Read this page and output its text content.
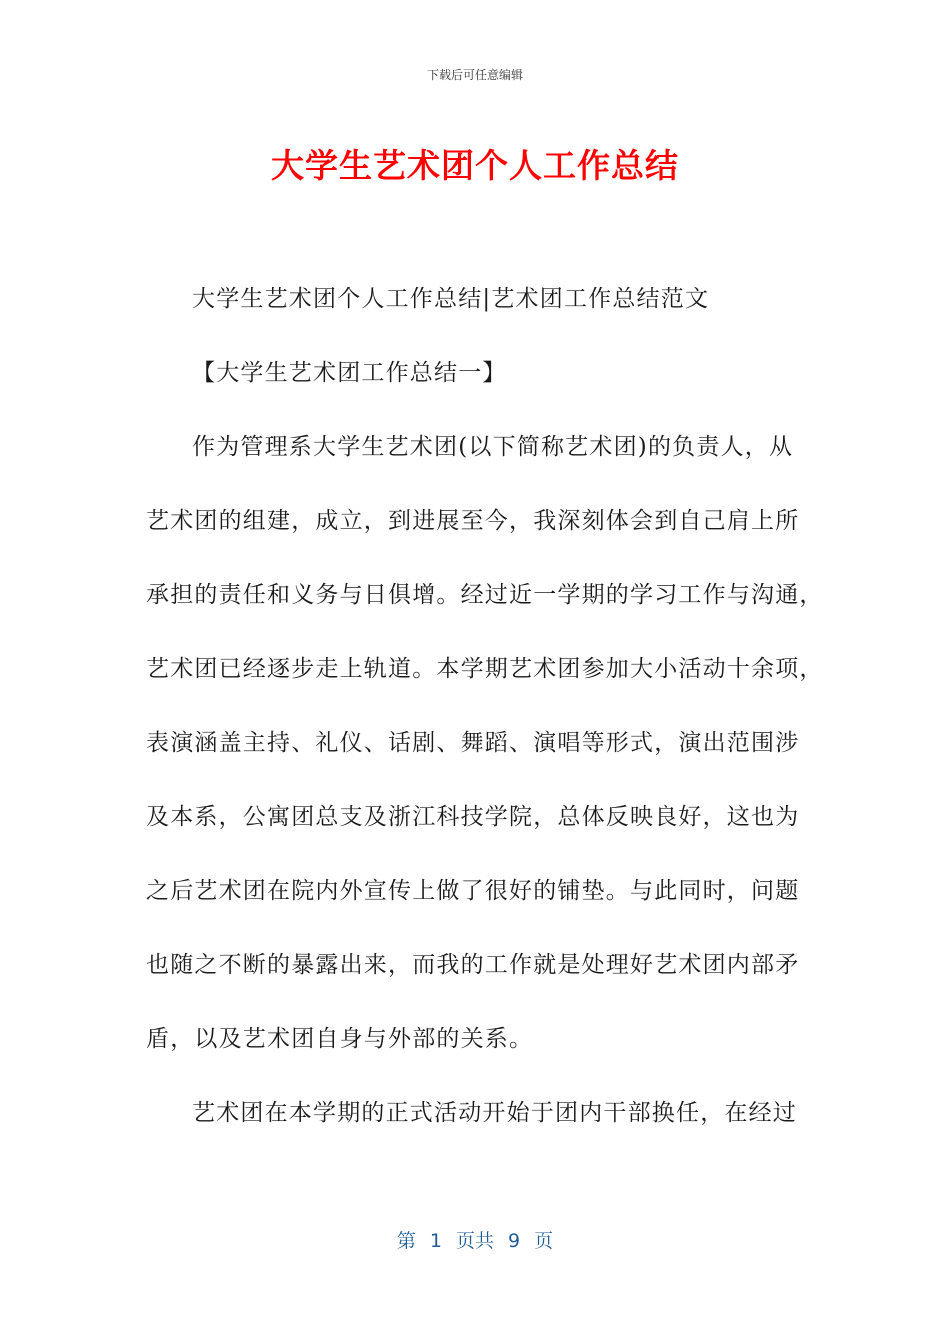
下载后可任意编辑
大学生艺术团个人工作总结

大学生艺术团个人工作总结|艺术团工作总结范文

【大学生艺术团工作总结一】

作为管理系大学生艺术团(以下简称艺术团)的负责人，从

艺术团的组建，成立，到进展至今，我深刻体会到自己肩上所

承担的责任和义务与日俱增。经过近一学期的学习工作与沟通，

艺术团已经逐步走上轨道。本学期艺术团参加大小活动十余项，

表演涵盖主持、礼仪、话剧、舞蹈、演唱等形式，演出范围涉

及本系，公寓团总支及浙江科技学院，总体反映良好，这也为

之后艺术团在院内外宣传上做了很好的铺垫。与此同时，问题

也随之不断的暴露出来，而我的工作就是处理好艺术团内部矛

盾，以及艺术团自身与外部的关系。

艺术团在本学期的正式活动开始于团内干部换任，在经过

第 1 页共 9 页
